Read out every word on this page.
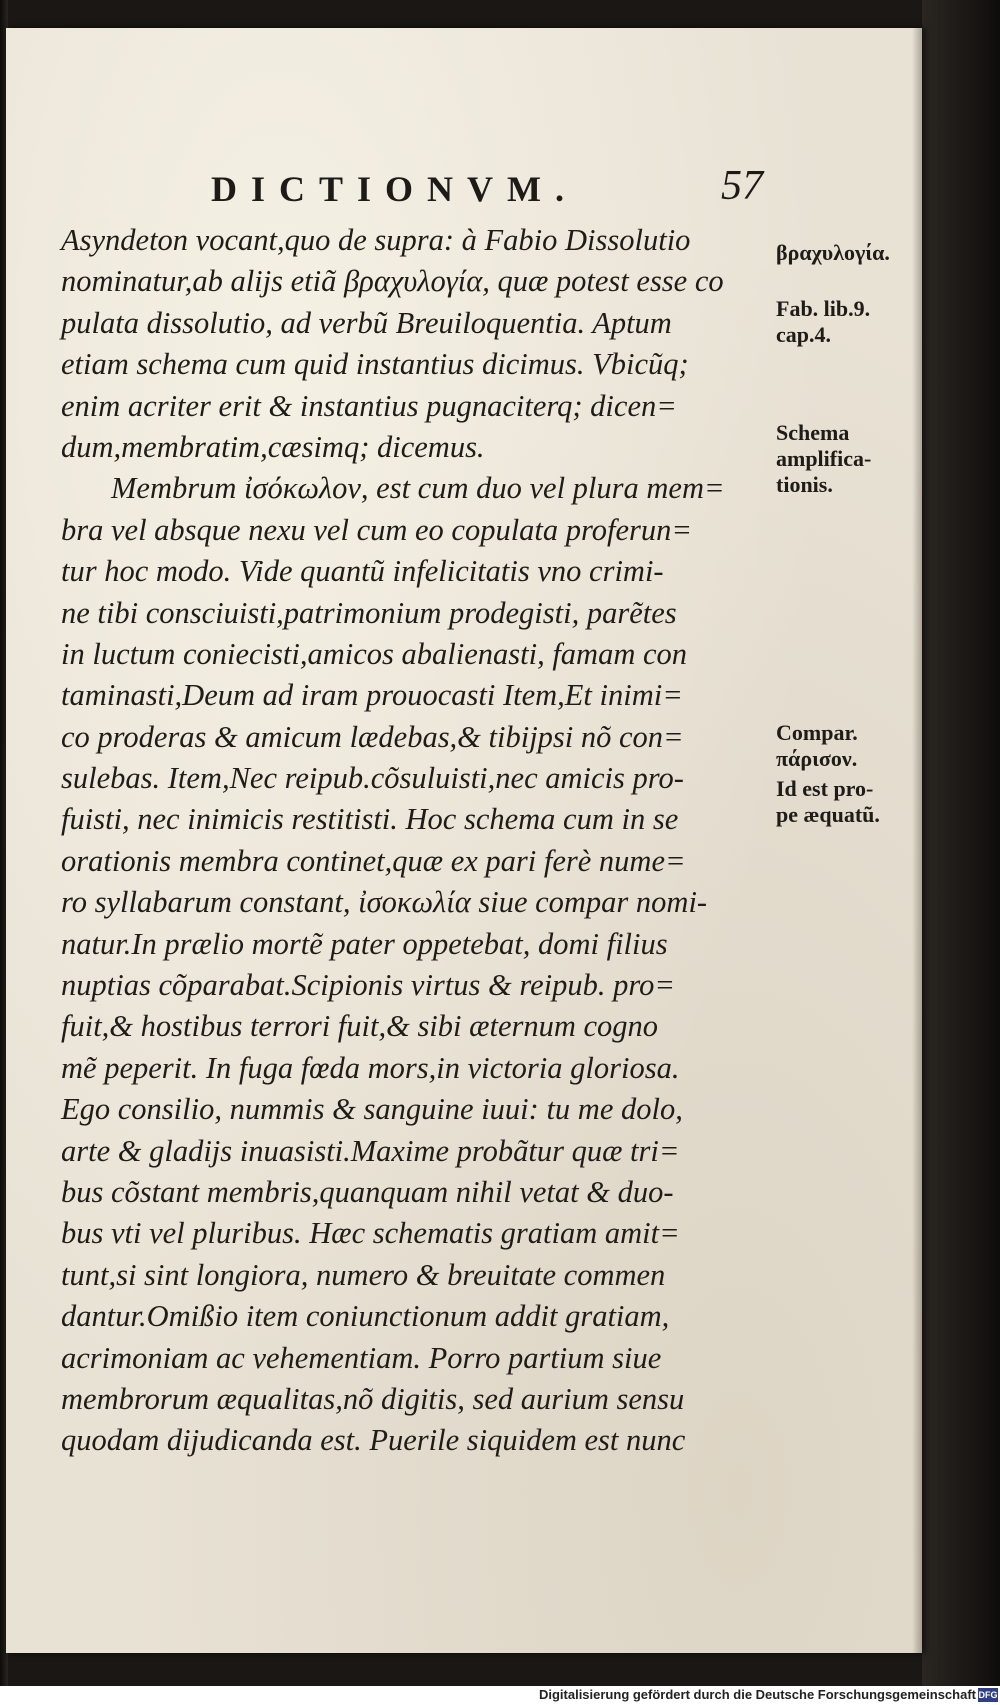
DICTIONVM.	57
Asyndeton vocant,quo de supra: à Fabio Dissolutio
nominatur,ab alijs etiã βραχυλογία, quæ potest esse co
pulata dissolutio, ad verbũ Breuiloquentia. Aptum
etiam schema cum quid instantius dicimus. Vbicũq;
enim acriter erit & instantius pugnaciterq; dicen=
dum,membratim,cæsimq; dicemus.
Membrum ἰσόκωλον, est cum duo vel plura mem=
bra vel absque nexu vel cum eo copulata proferun=
tur hoc modo. Vide quantũ infelicitatis vno crimi-
ne tibi consciuisti,patrimonium prodegisti, parẽtes
in luctum coniecisti,amicos abalienasti, famam con
taminasti,Deum ad iram prouocasti Item,Et inimi=
co proderas & amicum lædebas,& tibijpsi nõ con=
sulebas. Item,Nec reipub.cõsuluisti,nec amicis pro-
fuisti, nec inimicis restitisti. Hoc schema cum in se
orationis membra continet,quæ ex pari ferè nume=
ro syllabarum constant, ἰσοκωλία siue compar nomi-
natur.In prælio mortẽ pater oppetebat, domi filius
nuptias cõparabat.Scipionis virtus & reipub. pro=
fuit,& hostibus terrori fuit,& sibi æternum cogno
mẽ peperit. In fuga fœda mors,in victoria gloriosa.
Ego consilio, nummis & sanguine iuui: tu me dolo,
arte & gladijs inuasisti.Maxime probãtur quæ tri=
bus cõstant membris,quanquam nihil vetat & duo-
bus vti vel pluribus. Hæc schematis gratiam amit=
tunt,si sint longiora, numero & breuitate commen
dantur.Omißio item coniunctionum addit gratiam,
acrimoniam ac vehementiam. Porro partium siue
membrorum æqualitas,nõ digitis, sed aurium sensu
quodam dijudicanda est. Puerile siquidem est nunc
βραχυλογία.
Fab. lib.9.
cap.4.
Schema
amplifica-
tionis.
Compar.
πάρισον.
Id est pro-
pe æquatũ.
Digitalisierung gefördert durch die Deutsche Forschungsgemeinschaft DFG
